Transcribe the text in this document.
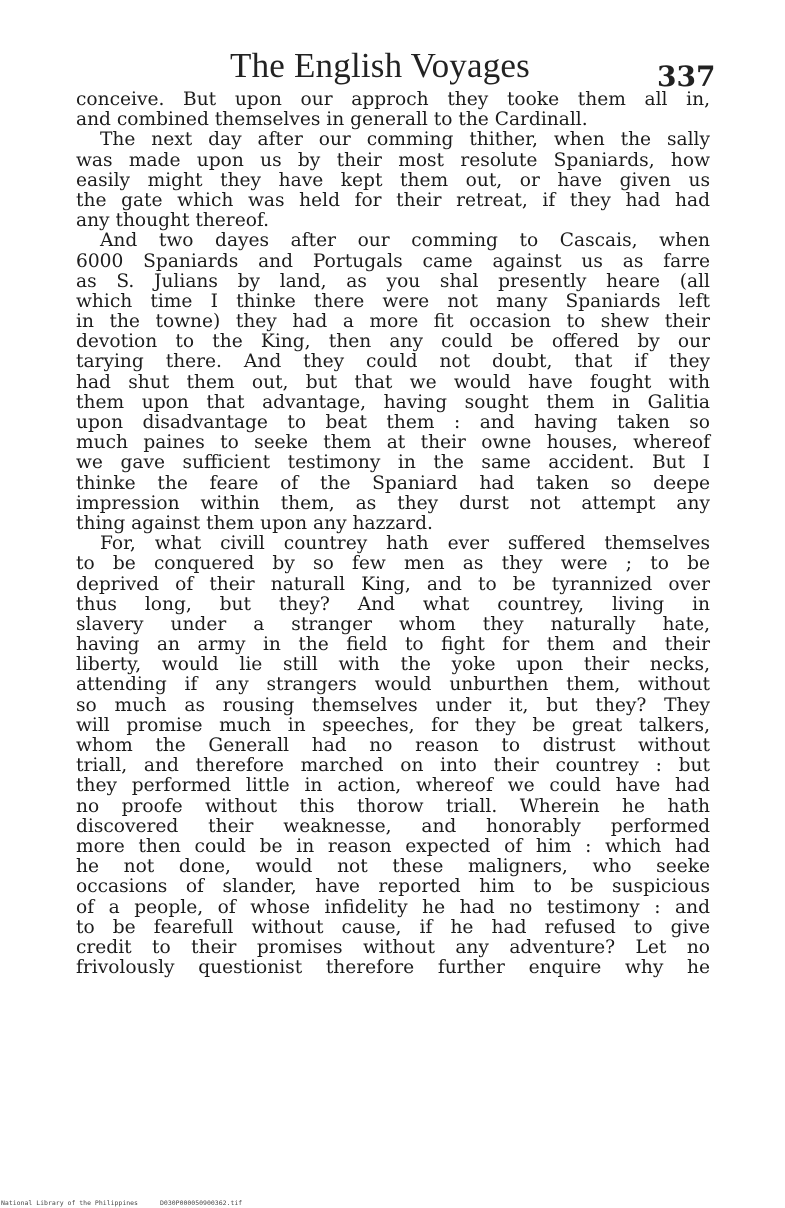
The English Voyages	337
conceive. But upon our approch they tooke them all in,
and combined themselves in generall to the Cardinall.
The next day after our comming thither, when the sally
was made upon us by their most resolute Spaniards, how
easily might they have kept them out, or have given us
the gate which was held for their retreat, if they had had
any thought thereof.
And two dayes after our comming to Cascais, when
6000 Spaniards and Portugals came against us as farre
as S. Julians by land, as you shal presently heare (all
which time I thinke there were not many Spaniards left
in the towne) they had a more fit occasion to shew their
devotion to the King, then any could be offered by our
tarying there. And they could not doubt, that if they
had shut them out, but that we would have fought with
them upon that advantage, having sought them in Galitia
upon disadvantage to beat them : and having taken so
much paines to seeke them at their owne houses, whereof
we gave sufficient testimony in the same accident. But I
thinke the feare of the Spaniard had taken so deepe
impression within them, as they durst not attempt any
thing against them upon any hazzard.
For, what civill countrey hath ever suffered themselves
to be conquered by so few men as they were ; to be
deprived of their naturall King, and to be tyrannized over
thus long, but they? And what countrey, living in
slavery under a stranger whom they naturally hate,
having an army in the field to fight for them and their
liberty, would lie still with the yoke upon their necks,
attending if any strangers would unburthen them, without
so much as rousing themselves under it, but they? They
will promise much in speeches, for they be great talkers,
whom the Generall had no reason to distrust without
triall, and therefore marched on into their countrey : but
they performed little in action, whereof we could have had
no proofe without this thorow triall. Wherein he hath
discovered their weaknesse, and honorably performed
more then could be in reason expected of him : which had
he not done, would not these maligners, who seeke
occasions of slander, have reported him to be suspicious
of a people, of whose infidelity he had no testimony : and
to be fearefull without cause, if he had refused to give
credit to their promises without any adventure? Let no
frivolously questionist therefore further enquire why he
National Library of the Philippines	D030P000050900362.tif
